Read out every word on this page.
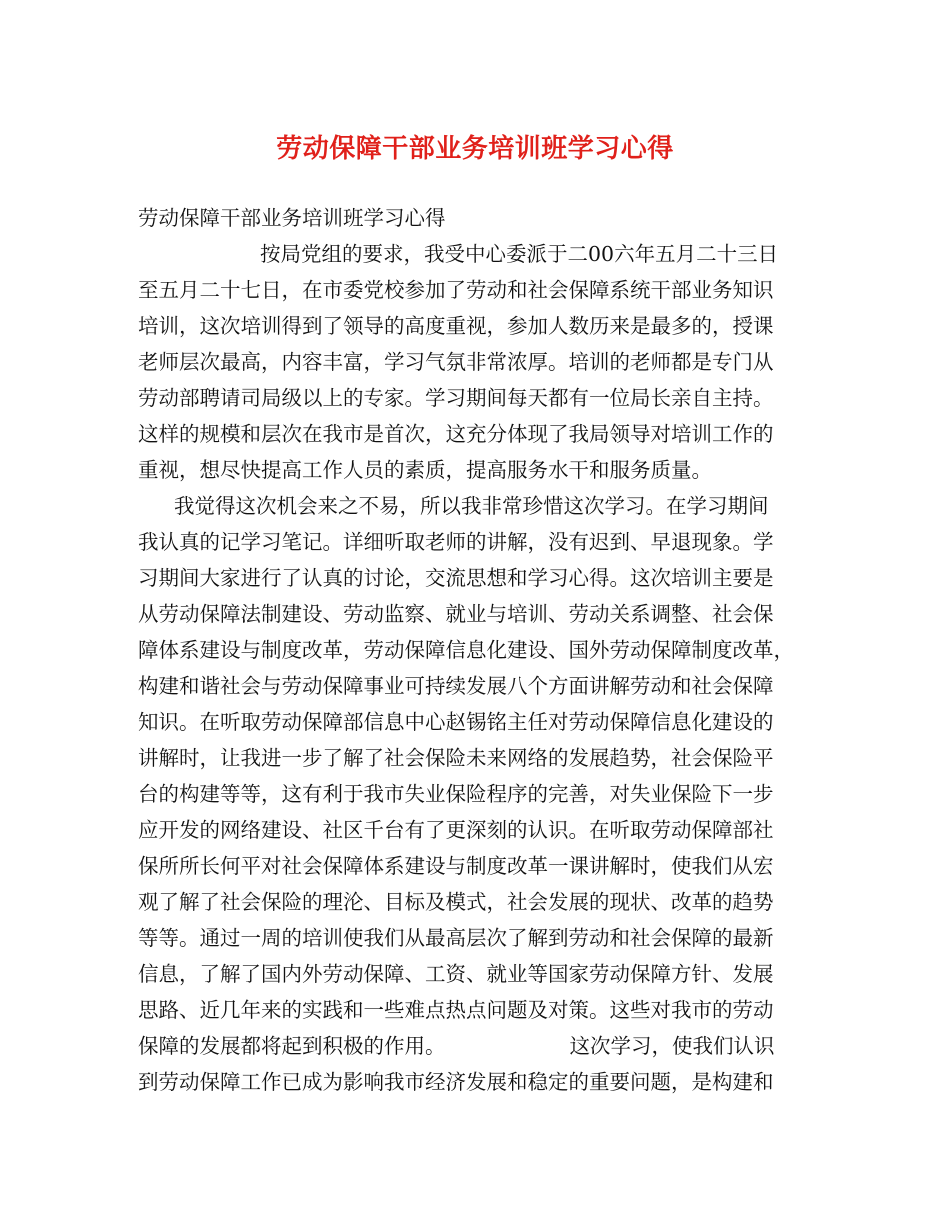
劳动保障干部业务培训班学习心得
劳动保障干部业务培训班学习心得
按局党组的要求，我受中心委派于二00六年五月二十三日
至五月二十七日，在市委党校参加了劳动和社会保障系统干部业务知识
培训，这次培训得到了领导的高度重视，参加人数历来是最多的，授课
老师层次最高，内容丰富，学习气氛非常浓厚。培训的老师都是专门从
劳动部聘请司局级以上的专家。学习期间每天都有一位局长亲自主持。
这样的规模和层次在我市是首次，这充分体现了我局领导对培训工作的
重视，想尽快提高工作人员的素质，提高服务水干和服务质量。
我觉得这次机会来之不易，所以我非常珍惜这次学习。在学习期间
我认真的记学习笔记。详细听取老师的讲解，没有迟到、早退现象。学
习期间大家进行了认真的讨论，交流思想和学习心得。这次培训主要是
从劳动保障法制建设、劳动监察、就业与培训、劳动关系调整、社会保
障体系建设与制度改革，劳动保障信息化建设、国外劳动保障制度改革，
构建和谐社会与劳动保障事业可持续发展八个方面讲解劳动和社会保障
知识。在听取劳动保障部信息中心赵锡铭主任对劳动保障信息化建设的
讲解时，让我进一步了解了社会保险未来网络的发展趋势，社会保险平
台的构建等等，这有利于我市失业保险程序的完善，对失业保险下一步
应开发的网络建设、社区千台有了更深刻的认识。在听取劳动保障部社
保所所长何平对社会保障体系建设与制度改革一课讲解时，使我们从宏
观了解了社会保险的理沦、目标及模式，社会发展的现状、改革的趋势
等等。通过一周的培训使我们从最高层次了解到劳动和社会保障的最新
信息，了解了国内外劳动保障、工资、就业等国家劳动保障方针、发展
思路、近几年来的实践和一些难点热点问题及对策。这些对我市的劳动
保障的发展都将起到积极的作用。	这次学习，使我们认识
到劳动保障工作已成为影响我市经济发展和稳定的重要问题，是构建和
